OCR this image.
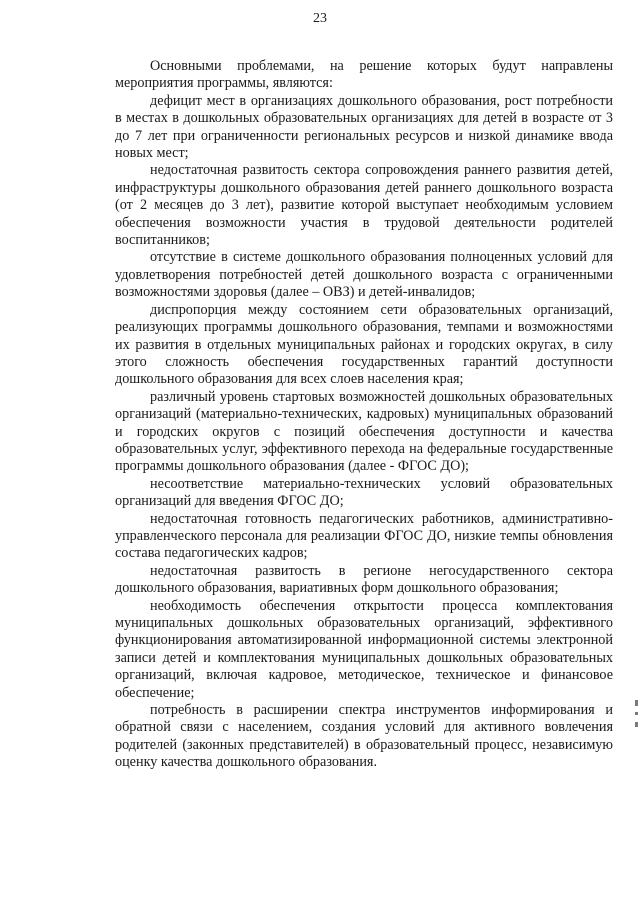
23

Основными проблемами, на решение которых будут направлены мероприятия программы, являются:

дефицит мест в организациях дошкольного образования, рост потребности в местах в дошкольных образовательных организациях для детей в возрасте от 3 до 7 лет при ограниченности региональных ресурсов и низкой динамике ввода новых мест;

недостаточная развитость сектора сопровождения раннего развития детей, инфраструктуры дошкольного образования детей раннего дошкольного возраста (от 2 месяцев до 3 лет), развитие которой выступает необходимым условием обеспечения возможности участия в трудовой деятельности родителей воспитанников;

отсутствие в системе дошкольного образования полноценных условий для удовлетворения потребностей детей дошкольного возраста с ограниченными возможностями здоровья (далее – ОВЗ) и детей-инвалидов;

диспропорция между состоянием сети образовательных организаций, реализующих программы дошкольного образования, темпами и возможностями их развития в отдельных муниципальных районах и городских округах, в силу этого сложность обеспечения государственных гарантий доступности дошкольного образования для всех слоев населения края;

различный уровень стартовых возможностей дошкольных образовательных организаций (материально-технических, кадровых) муниципальных образований и городских округов с позиций обеспечения доступности и качества образовательных услуг, эффективного перехода на федеральные государственные программы дошкольного образования (далее - ФГОС ДО);

несоответствие материально-технических условий образовательных организаций для введения ФГОС ДО;

недостаточная готовность педагогических работников, административно-управленческого персонала для реализации ФГОС ДО, низкие темпы обновления состава педагогических кадров;

недостаточная развитость в регионе негосударственного сектора дошкольного образования, вариативных форм дошкольного образования;

необходимость обеспечения открытости процесса комплектования муниципальных дошкольных образовательных организаций, эффективного функционирования автоматизированной информационной системы электронной записи детей и комплектования муниципальных дошкольных образовательных организаций, включая кадровое, методическое, техническое и финансовое обеспечение;

потребность в расширении спектра инструментов информирования и обратной связи с населением, создания условий для активного вовлечения родителей (законных представителей) в образовательный процесс, независимую оценку качества дошкольного образования.
